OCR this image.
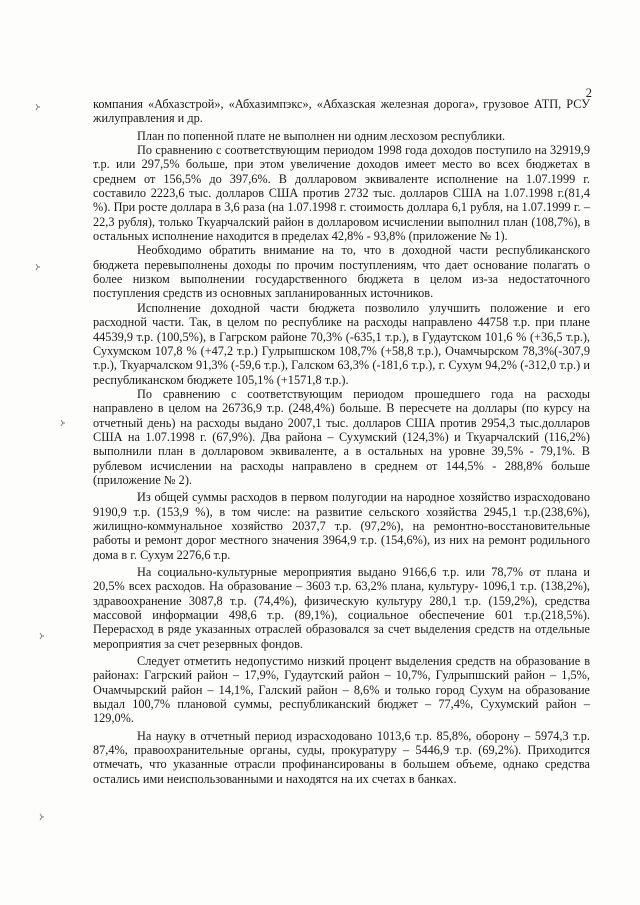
2

компания «Абхазстрой», «Абхазимпэкс», «Абхазская железная дорога», грузовое АТП, РСУ жилуправления и др.

План по попенной плате не выполнен ни одним лесхозом республики.

По сравнению с соответствующим периодом 1998 года доходов поступило на 32919,9 т.р. или 297,5% больше, при этом увеличение доходов имеет место во всех бюджетах в среднем от 156,5% до 397,6%. В долларовом эквиваленте исполнение на 1.07.1999 г. составило 2223,6 тыс. долларов США против 2732 тыс. долларов США на 1.07.1998 г.(81,4 %). При росте доллара в 3,6 раза (на 1.07.1998 г. стоимость доллара 6,1 рубля, на 1.07.1999 г. – 22,3 рубля), только Ткуарчалский район в долларовом исчислении выполнил план (108,7%), в остальных исполнение находится в пределах 42,8% - 93,8% (приложение № 1).

Необходимо обратить внимание на то, что в доходной части республиканского бюджета перевыполнены доходы по прочим поступлениям, что дает основание полагать о более низком выполнении государственного бюджета в целом из-за недостаточного поступления средств из основных запланированных источников.

Исполнение доходной части бюджета позволило улучшить положение и его расходной части. Так, в целом по республике на расходы направлено 44758 т.р. при плане 44539,9 т.р. (100,5%), в Гагрском районе 70,3% (-635,1 т.р.), в Гудаутском 101,6 % (+36,5 т.р.), Сухумском 107,8 % (+47,2 т.р.) Гулрыпшском 108,7% (+58,8 т.р.), Очамчырском 78,3%(-307,9 т.р.), Ткуарчалском 91,3% (-59,6 т.р.), Галском 63,3% (-181,6 т.р.), г. Сухум 94,2% (-312,0 т.р.) и республиканском бюджете 105,1% (+1571,8 т.р.).

По сравнению с соответствующим периодом прошедшего года на расходы направлено в целом на 26736,9 т.р. (248,4%) больше. В пересчете на доллары (по курсу на отчетный день) на расходы выдано 2007,1 тыс. долларов США против 2954,3 тыс.долларов США на 1.07.1998 г. (67,9%). Два района – Сухумский (124,3%) и Ткуарчалский (116,2%) выполнили план в долларовом эквиваленте, а в остальных на уровне 39,5% - 79,1%. В рублевом исчислении на расходы направлено в среднем от 144,5% - 288,8% больше (приложение № 2).

Из общей суммы расходов в первом полугодии на народное хозяйство израсходовано 9190,9 т.р. (153,9 %), в том числе: на развитие сельского хозяйства 2945,1 т.р.(238,6%), жилищно-коммунальное хозяйство 2037,7 т.р. (97,2%), на ремонтно-восстановительные работы и ремонт дорог местного значения 3964,9 т.р. (154,6%), из них на ремонт родильного дома в г. Сухум 2276,6 т.р.

На социально-культурные мероприятия выдано 9166,6 т.р. или 78,7% от плана и 20,5% всех расходов. На образование – 3603 т.р. 63,2% плана, культуру- 1096,1 т.р. (138,2%), здравоохранение 3087,8 т.р. (74,4%), физическую культуру 280,1 т.р. (159,2%), средства массовой информации 498,6 т.р. (89,1%), социальное обеспечение 601 т.р.(218,5%). Перерасход в ряде указанных отраслей образовался за счет выделения средств на отдельные мероприятия за счет резервных фондов.

Следует отметить недопустимо низкий процент выделения средств на образование в районах: Гагрский район – 17,9%, Гудаутский район – 10,7%, Гулрыпшский район – 1,5%, Очамчырский район – 14,1%, Галский район – 8,6% и только город Сухум на образование выдал 100,7% плановой суммы, республиканский бюджет – 77,4%, Сухумский район – 129,0%.

На науку в отчетный период израсходовано 1013,6 т.р. 85,8%, оборону – 5974,3 т.р. 87,4%, правоохранительные органы, суды, прокуратуру – 5446,9 т.р. (69,2%). Приходится отмечать, что указанные отрасли профинансированы в большем объеме, однако средства остались ими неиспользованными и находятся на их счетах в банках.
